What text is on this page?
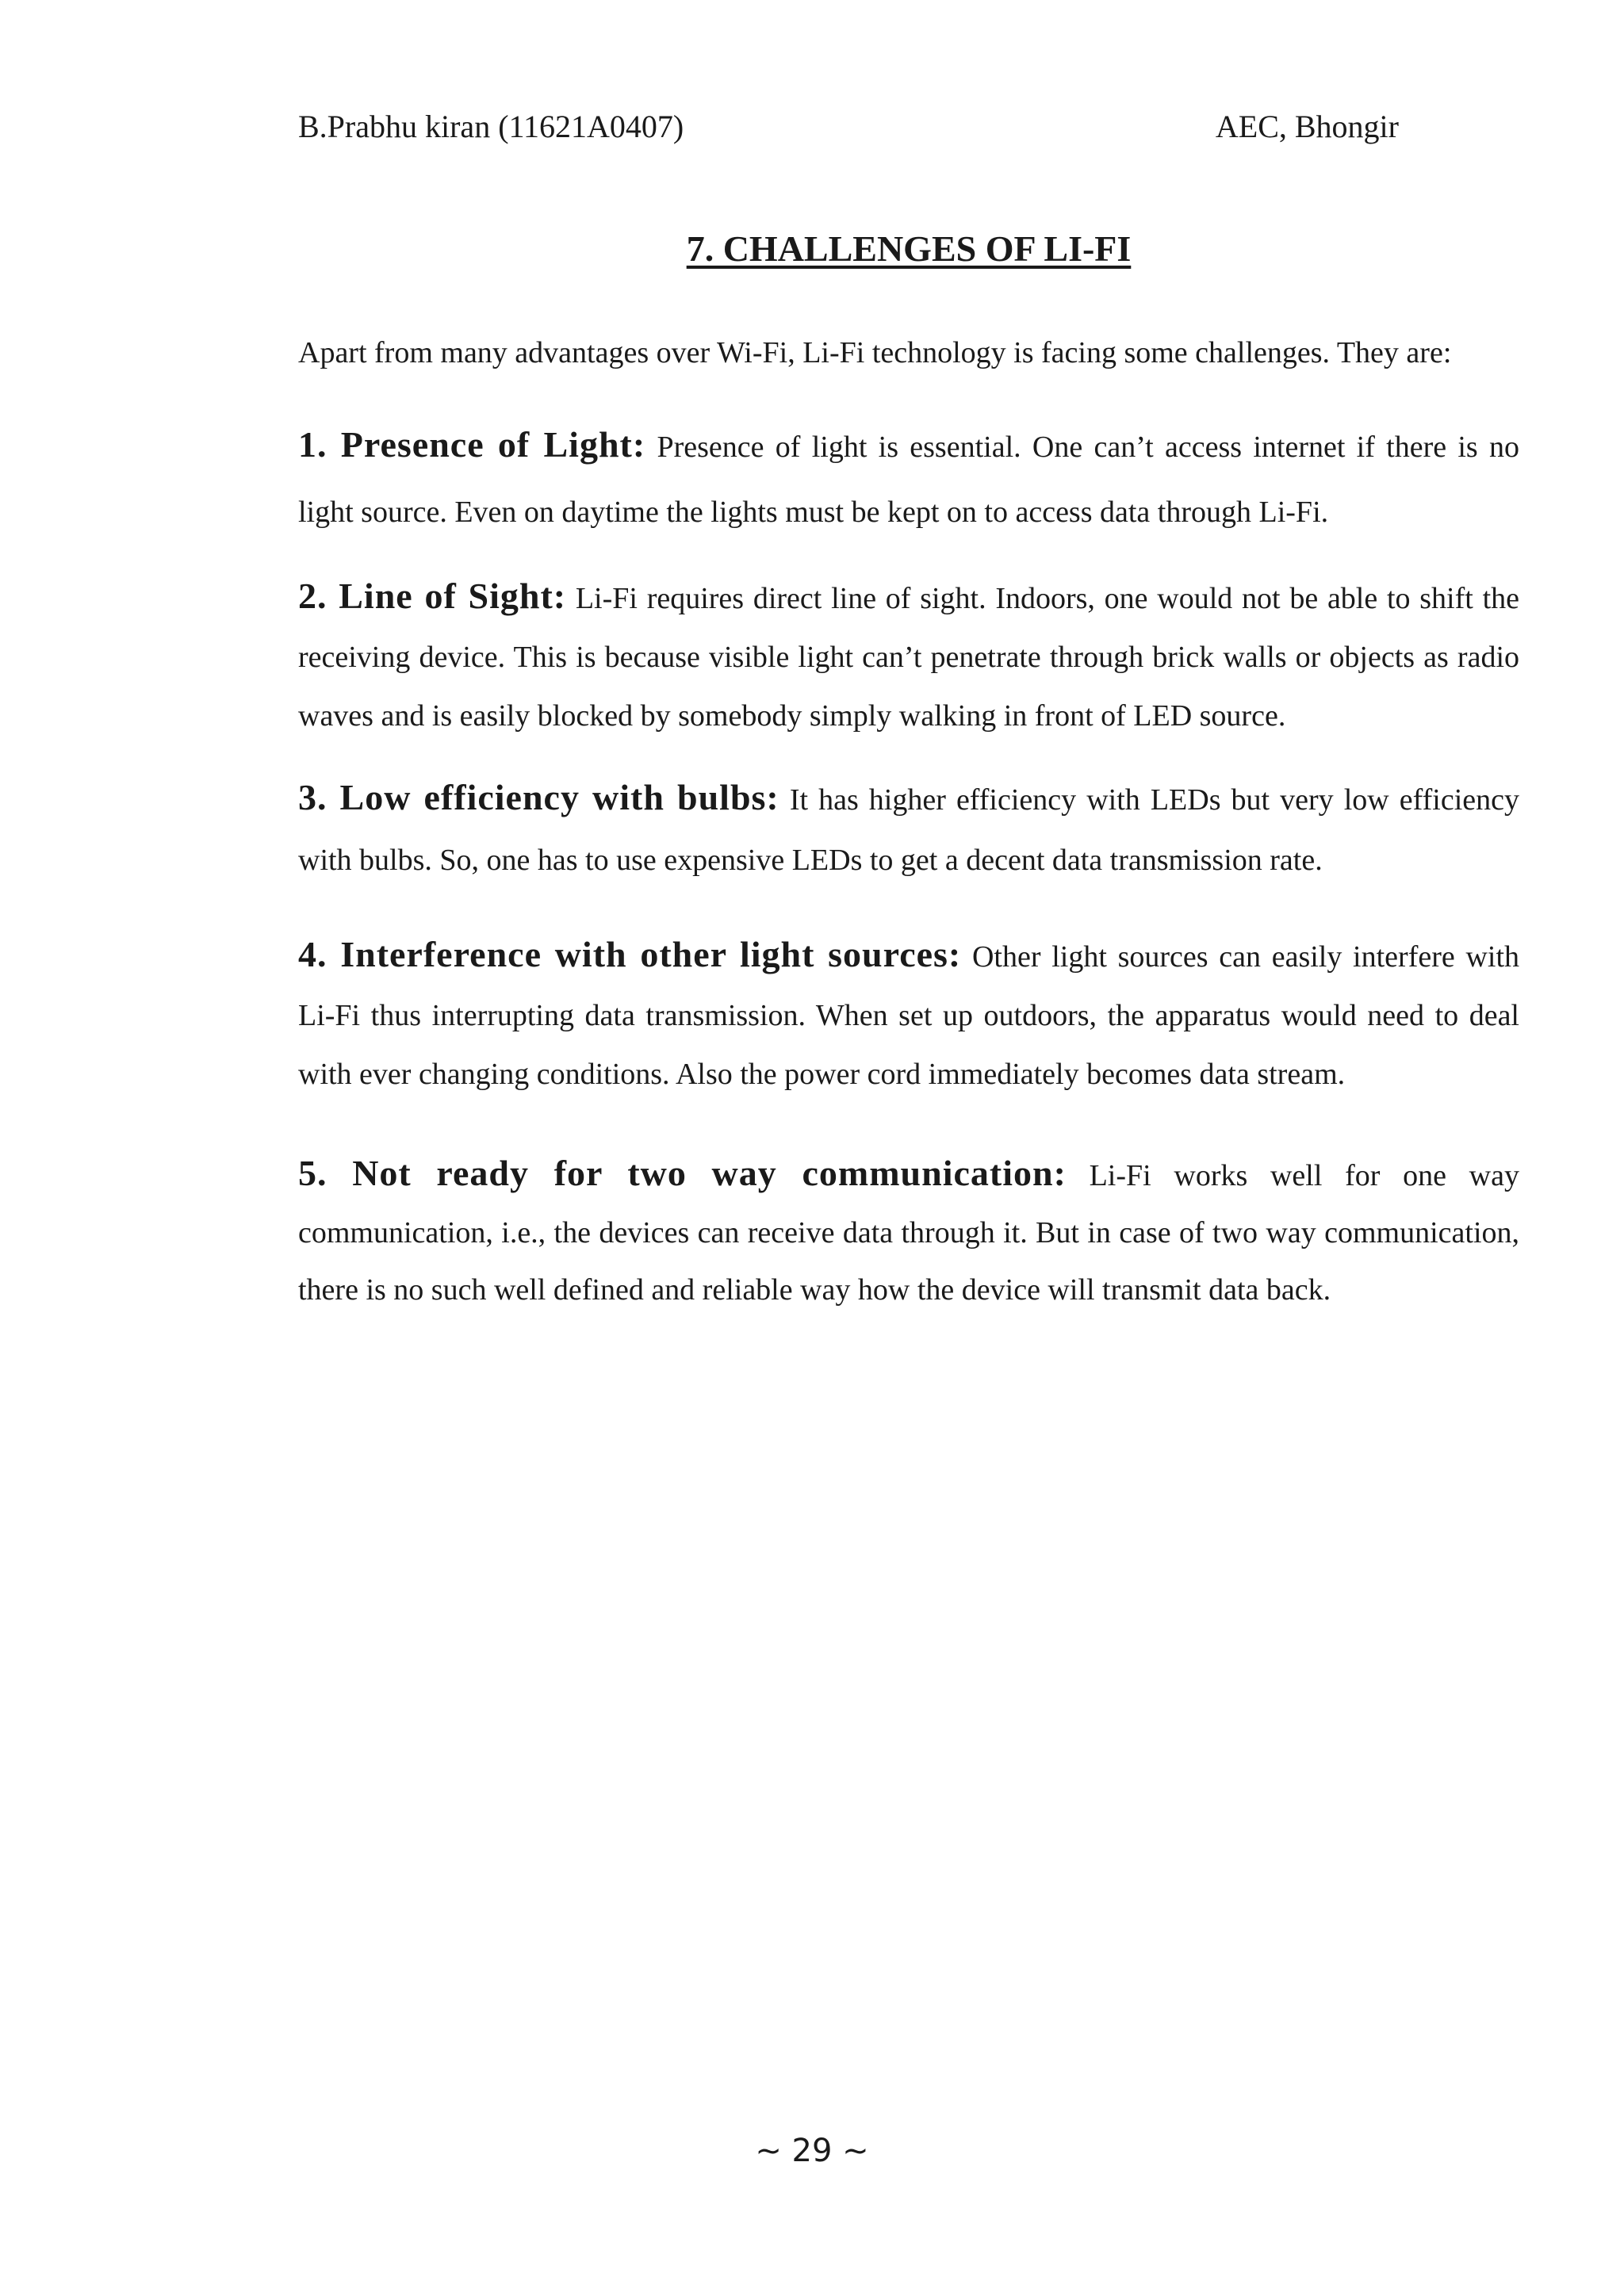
B.Prabhu kiran (11621A0407)	AEC, Bhongir
7. CHALLENGES OF LI-FI

Apart from many advantages over Wi-Fi, Li-Fi technology is facing some challenges. They are:

1. Presence of Light: Presence of light is essential. One can’t access internet if there is no light source. Even on daytime the lights must be kept on to access data through Li-Fi.

2. Line of Sight: Li-Fi requires direct line of sight. Indoors, one would not be able to shift the receiving device. This is because visible light can’t penetrate through brick walls or objects as radio waves and is easily blocked by somebody simply walking in front of LED source.

3. Low efficiency with bulbs: It has higher efficiency with LEDs but very low efficiency with bulbs. So, one has to use expensive LEDs to get a decent data transmission rate.

4. Interference with other light sources: Other light sources can easily interfere with Li-Fi thus interrupting data transmission. When set up outdoors, the apparatus would need to deal with ever changing conditions. Also the power cord immediately becomes data stream.

5. Not ready for two way communication: Li-Fi works well for one way communication, i.e., the devices can receive data through it. But in case of two way communication, there is no such well defined and reliable way how the device will transmit data back.

~ 29 ~
